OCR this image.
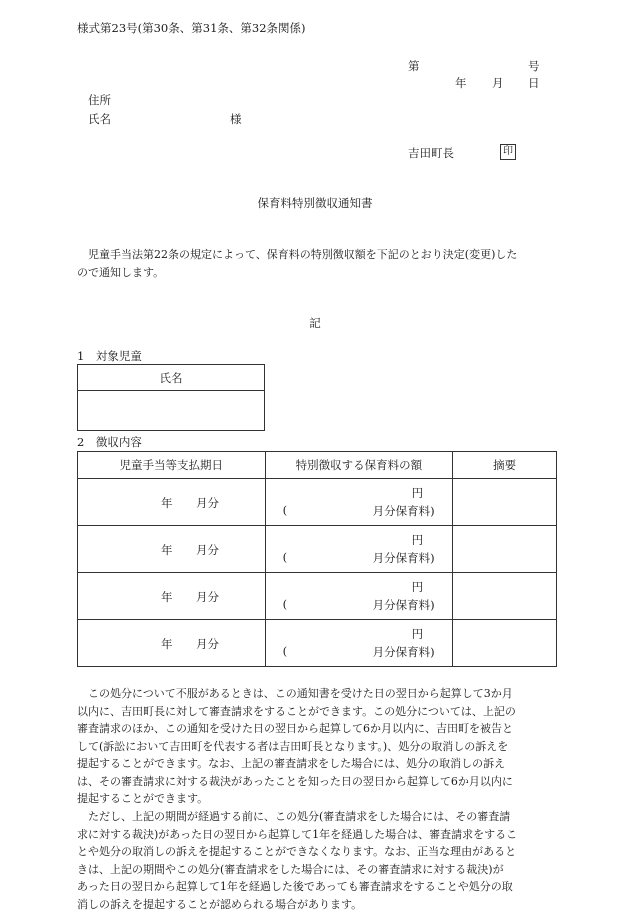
様式第23号(第30条、第31条、第32条関係)
第	号
年 月 日
住所
氏名	様
吉田町長	印
保育料特別徴収通知書
児童手当法第22条の規定によって、保育料の特別徴収額を下記のとおり決定(変更)した
ので通知します。
記
1　対象児童
氏名

2　徴収内容
児童手当等支払期日	特別徴収する保育料の額	摘要

年 月分	円
( 月分保育料)	

年 月分	円
( 月分保育料)	

年 月分	円
( 月分保育料)	

年 月分	円
( 月分保育料)	

この処分について不服があるときは、この通知書を受けた日の翌日から起算して3か月
以内に、吉田町長に対して審査請求をすることができます。この処分については、上記の
審査請求のほか、この通知を受けた日の翌日から起算して6か月以内に、吉田町を被告と
して(訴訟において吉田町を代表する者は吉田町長となります。)、処分の取消しの訴えを
提起することができます。なお、上記の審査請求をした場合には、処分の取消しの訴え
は、その審査請求に対する裁決があったことを知った日の翌日から起算して6か月以内に
提起することができます。
ただし、上記の期間が経過する前に、この処分(審査請求をした場合には、その審査請
求に対する裁決)があった日の翌日から起算して1年を経過した場合は、審査請求をするこ
とや処分の取消しの訴えを提起することができなくなります。なお、正当な理由があると
きは、上記の期間やこの処分(審査請求をした場合には、その審査請求に対する裁決)が
あった日の翌日から起算して1年を経過した後であっても審査請求をすることや処分の取
消しの訴えを提起することが認められる場合があります。
